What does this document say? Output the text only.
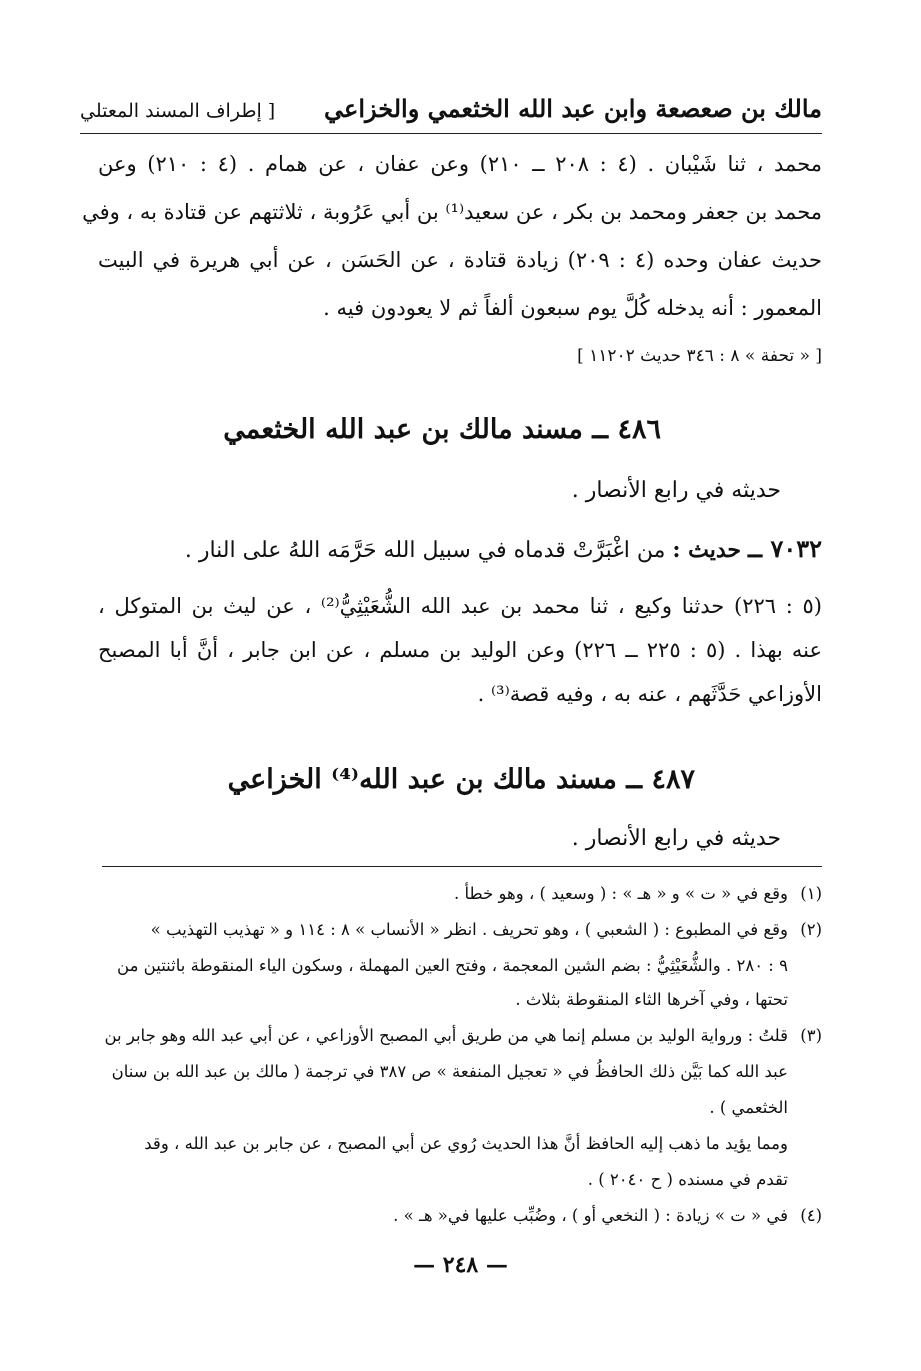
مالك بن صعصعة وابن عبد الله الخثعمي والخزاعي
[ إطراف المسند المعتلي
محمد ، ثنا شَيْبان . (٤ : ٢٠٨ ــ ٢١٠) وعن عفان ، عن همام . (٤ : ٢١٠) وعن
محمد بن جعفر ومحمد بن بكر ، عن سعيد⁽¹⁾ بن أبي عَرُوبة ، ثلاثتهم عن قتادة به ، وفي
حديث عفان وحده (٤ : ٢٠٩) زيادة قتادة ، عن الحَسَن ، عن أبي هريرة في البيت
المعمور : أنه يدخله كُلَّ يوم سبعون ألفاً ثم لا يعودون فيه .
[ « تحفة » ٨ : ٣٤٦ حديث ١١٢٠٢ ]
٤٨٦ ــ مسند مالك بن عبد الله الخثعمي
حديثه في رابع الأنصار .
٧٠٣٢ ــ حديث : من اغْبَرَّتْ قدماه في سبيل الله حَرَّمَه اللهُ على النار .
(٥ : ٢٢٦) حدثنا وكيع ، ثنا محمد بن عبد الله الشُّعَيْثِيُّ⁽²⁾ ، عن ليث بن المتوكل ،
عنه بهذا . (٥ : ٢٢٥ ــ ٢٢٦) وعن الوليد بن مسلم ، عن ابن جابر ، أنَّ أبا المصبح
الأوزاعي حَدَّثَهم ، عنه به ، وفيه قصة⁽³⁾ .
٤٨٧ ــ مسند مالك بن عبد الله⁽⁴⁾ الخزاعي
حديثه في رابع الأنصار .
(١)وقع في « ت » و « هـ » : ( وسعيد ) ، وهو خطأ .
(٢)وقع في المطبوع : ( الشعبي ) ، وهو تحريف . انظر « الأنساب » ٨ : ١١٤ و « تهذيب التهذيب »
٩ : ٢٨٠ . والشُّعَيْثِيُّ : بضم الشين المعجمة ، وفتح العين المهملة ، وسكون الياء المنقوطة باثنتين من
تحتها ، وفي آخرها الثاء المنقوطة بثلاث .
(٣)قلتُ : ورواية الوليد بن مسلم إنما هي من طريق أبي المصبح الأوزاعي ، عن أبي عبد الله وهو جابر بن
عبد الله كما بَيَّن ذلك الحافظُ في « تعجيل المنفعة » ص ٣٨٧ في ترجمة ( مالك بن عبد الله بن سنان
الخثعمي ) .
ومما يؤيد ما ذهب إليه الحافظ أنَّ هذا الحديث رُوي عن أبي المصبح ، عن جابر بن عبد الله ، وقد
تقدم في مسنده ( ح ٢٠٤٠ ) .
(٤)في « ت » زيادة : ( النخعي أو ) ، وضُبِّب عليها في« هـ » .
— ٢٤٨ —
